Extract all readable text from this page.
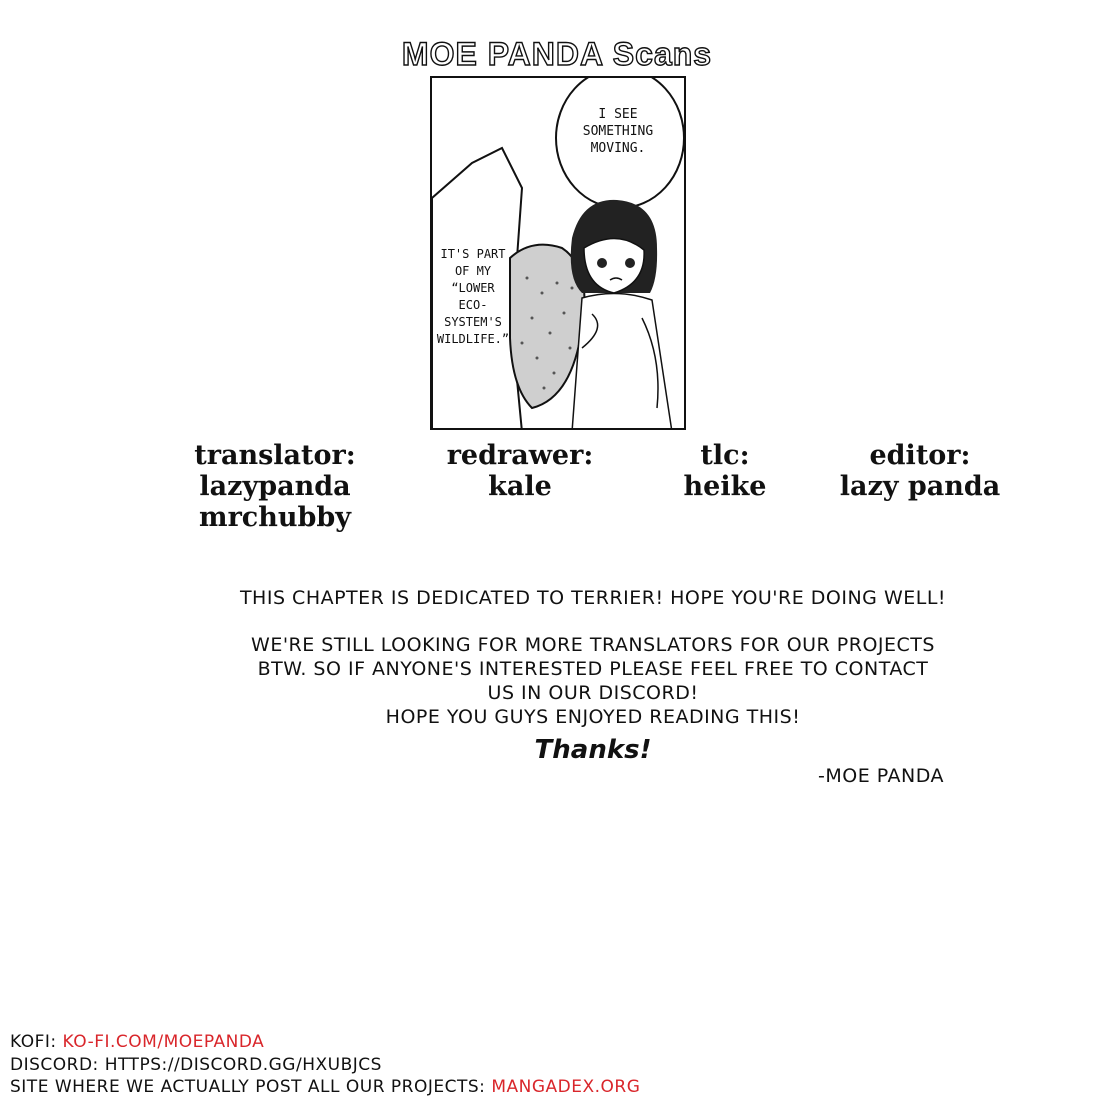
MOE PANDA Scans
I SEE
SOMETHING
MOVING.
IT'S PART
OF MY
“LOWER
ECO-
SYSTEM'S
WILDLIFE.”
translator:
lazypanda
mrchubby
redrawer:
kale
tlc:
heike
editor:
lazy panda
THIS CHAPTER IS DEDICATED TO TERRIER! HOPE YOU'RE DOING WELL!
WE'RE STILL LOOKING FOR MORE TRANSLATORS FOR OUR PROJECTS
BTW. SO IF ANYONE'S INTERESTED PLEASE FEEL FREE TO CONTACT
US IN OUR DISCORD!
HOPE YOU GUYS ENJOYED READING THIS!
Thanks!
-MOE PANDA
KOFI: KO-FI.COM/MOEPANDA
DISCORD: HTTPS://DISCORD.GG/HXUBJCS
SITE WHERE WE ACTUALLY POST ALL OUR PROJECTS: MANGADEX.ORG
